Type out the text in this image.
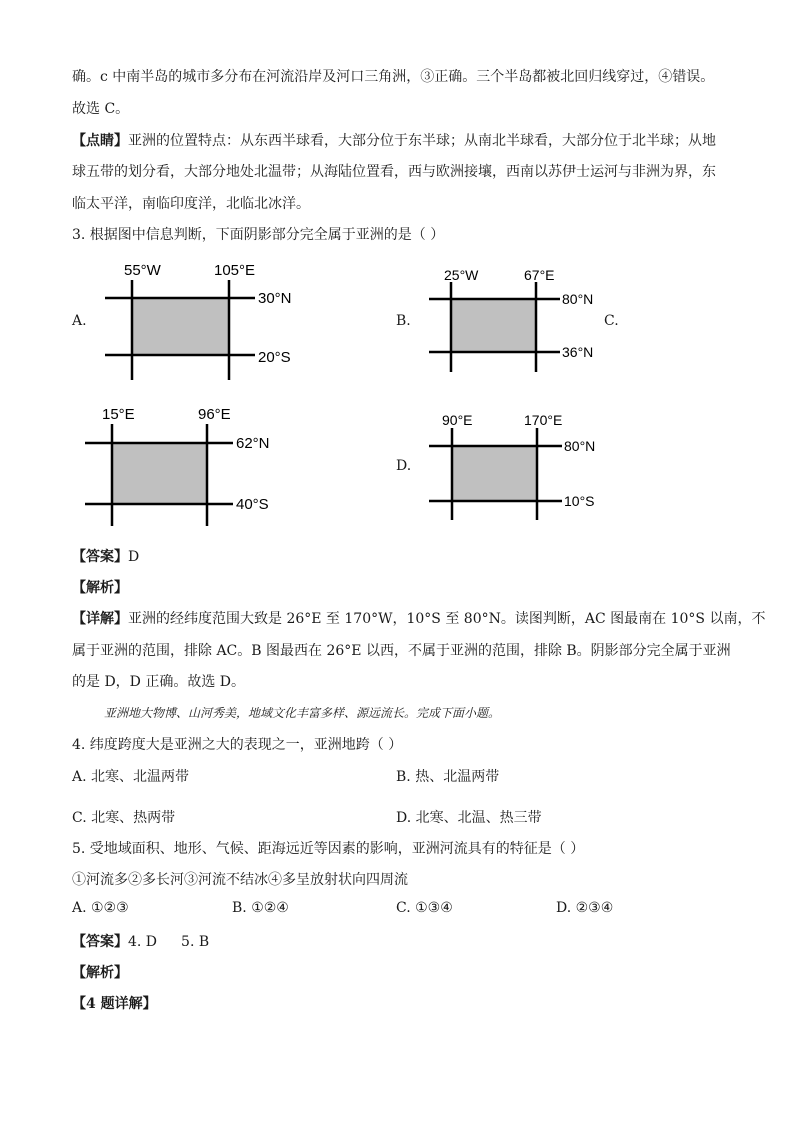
确。c 中南半岛的城市多分布在河流沿岸及河口三角洲，③正确。三个半岛都被北回归线穿过，④错误。
故选 C。
【点睛】亚洲的位置特点：从东西半球看，大部分位于东半球；从南北半球看，大部分位于北半球；从地
球五带的划分看，大部分地处北温带；从海陆位置看，西与欧洲接壤，西南以苏伊士运河与非洲为界，东
临太平洋，南临印度洋，北临北冰洋。
3. 根据图中信息判断，下面阴影部分完全属于亚洲的是（ ）
A.
55°W	105°E
30°N
20°S
B.
25°W	67°E
80°N
36°N
C.
15°E	96°E
62°N
40°S
D.
90°E	170°E
80°N
10°S
【答案】D
【解析】
【详解】亚洲的经纬度范围大致是 26°E 至 170°W，10°S 至 80°N。读图判断，AC 图最南在 10°S 以南，不
属于亚洲的范围，排除 AC。B 图最西在 26°E 以西，不属于亚洲的范围，排除 B。阴影部分完全属于亚洲
的是 D，D 正确。故选 D。
亚洲地大物博、山河秀美，地域文化丰富多样、源远流长。完成下面小题。
4. 纬度跨度大是亚洲之大的表现之一，亚洲地跨（ ）
A. 北寒、北温两带	B. 热、北温两带
C. 北寒、热两带	D. 北寒、北温、热三带
5. 受地域面积、地形、气候、距海远近等因素的影响，亚洲河流具有的特征是（ ）
①河流多②多长河③河流不结冰④多呈放射状向四周流
A. ①②③	B. ①②④	C. ①③④	D. ②③④
【答案】4. D 5. B
【解析】
【4 题详解】
